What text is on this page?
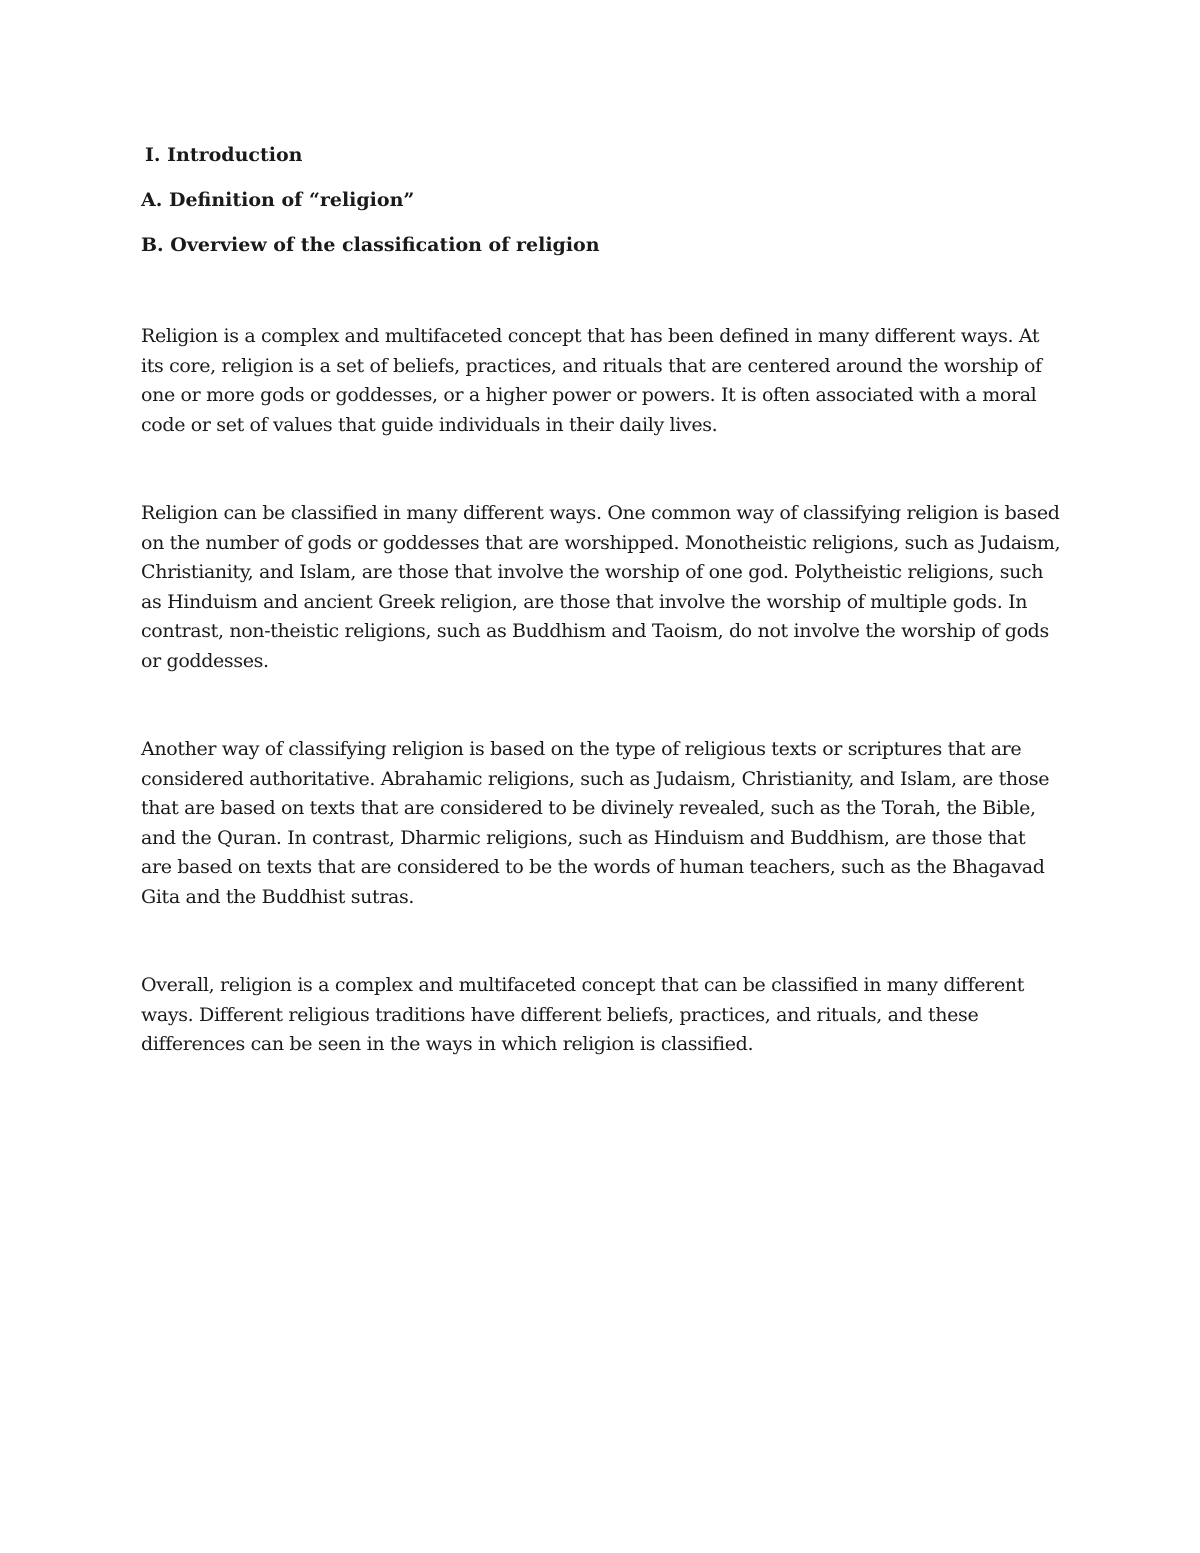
I. Introduction

A. Definition of “religion”

B. Overview of the classification of religion

Religion is a complex and multifaceted concept that has been defined in many different ways. At its core, religion is a set of beliefs, practices, and rituals that are centered around the worship of one or more gods or goddesses, or a higher power or powers. It is often associated with a moral code or set of values that guide individuals in their daily lives.

Religion can be classified in many different ways. One common way of classifying religion is based on the number of gods or goddesses that are worshipped. Monotheistic religions, such as Judaism, Christianity, and Islam, are those that involve the worship of one god. Polytheistic religions, such as Hinduism and ancient Greek religion, are those that involve the worship of multiple gods. In contrast, non-theistic religions, such as Buddhism and Taoism, do not involve the worship of gods or goddesses.

Another way of classifying religion is based on the type of religious texts or scriptures that are considered authoritative. Abrahamic religions, such as Judaism, Christianity, and Islam, are those that are based on texts that are considered to be divinely revealed, such as the Torah, the Bible, and the Quran. In contrast, Dharmic religions, such as Hinduism and Buddhism, are those that are based on texts that are considered to be the words of human teachers, such as the Bhagavad Gita and the Buddhist sutras.

Overall, religion is a complex and multifaceted concept that can be classified in many different ways. Different religious traditions have different beliefs, practices, and rituals, and these differences can be seen in the ways in which religion is classified.
